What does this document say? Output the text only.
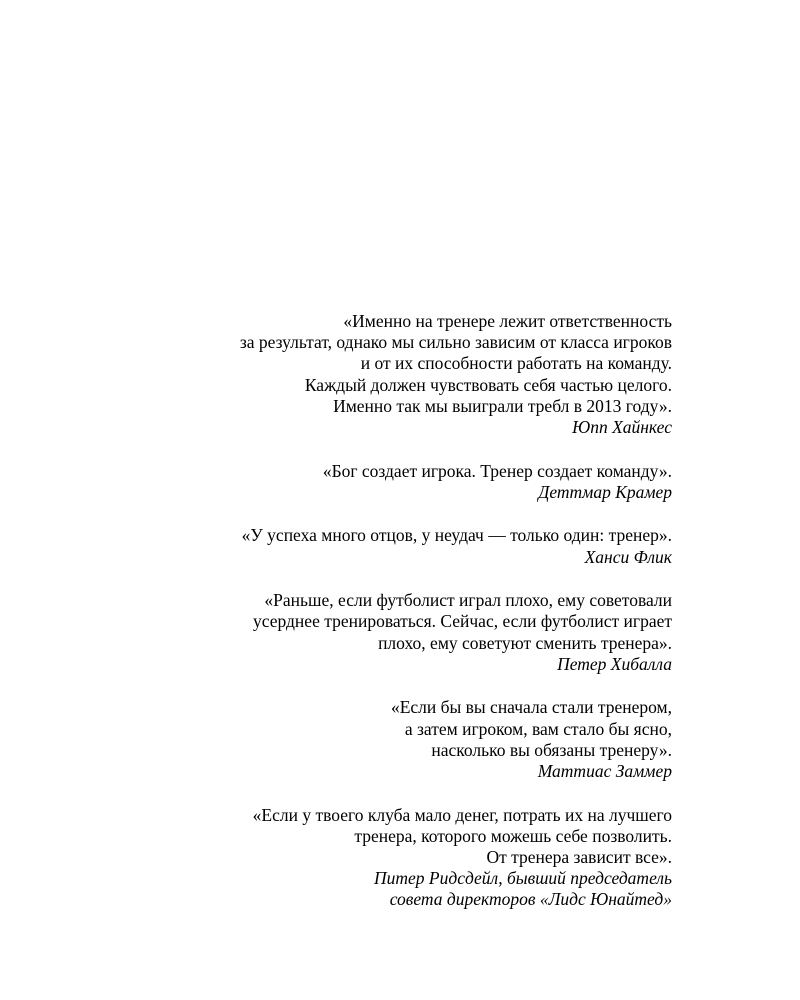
«Именно на тренере лежит ответственность
за результат, однако мы сильно зависим от класса игроков
и от их способности работать на команду.
Каждый должен чувствовать себя частью целого.
Именно так мы выиграли требл в 2013 году».
Юпп Хайнкес
«Бог создает игрока. Тренер создает команду».
Деттмар Крамер
«У успеха много отцов, у неудач — только один: тренер».
Ханси Флик
«Раньше, если футболист играл плохо, ему советовали
усерднее тренироваться. Сейчас, если футболист играет
плохо, ему советуют сменить тренера».
Петер Хибалла
«Если бы вы сначала стали тренером,
а затем игроком, вам стало бы ясно,
насколько вы обязаны тренеру».
Маттиас Заммер
«Если у твоего клуба мало денег, потрать их на лучшего
тренера, которого можешь себе позволить.
От тренера зависит все».
Питер Ридсдейл, бывший председатель
совета директоров «Лидс Юнайтед»
